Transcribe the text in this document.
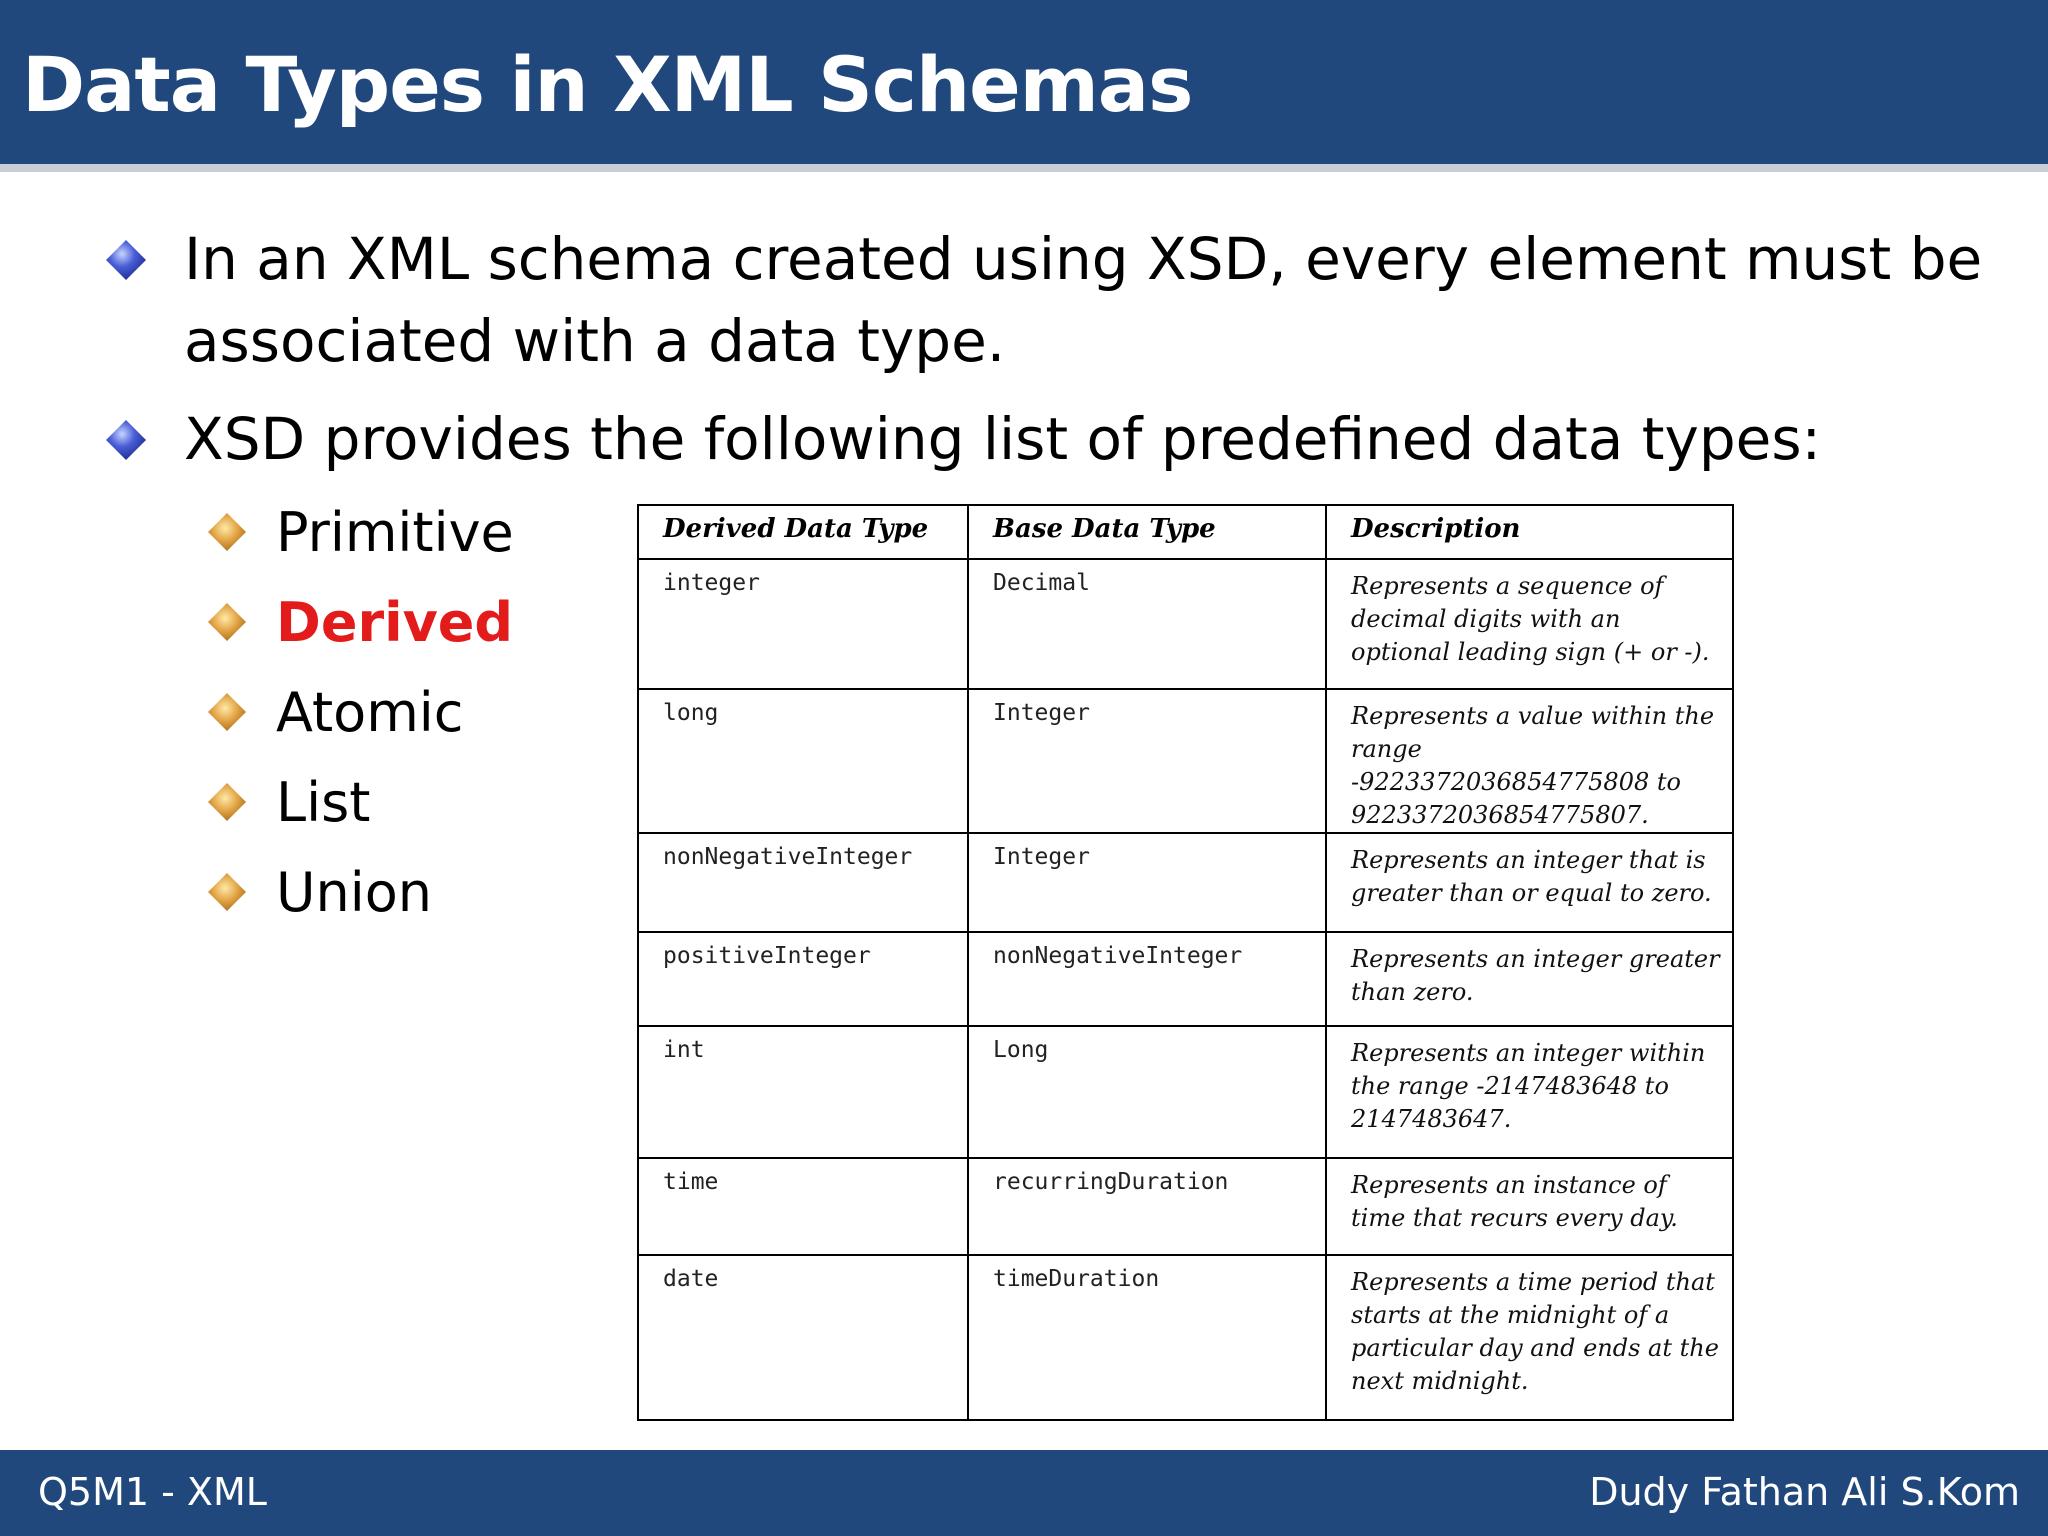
Data Types in XML Schemas
In an XML schema created using XSD, every element must be associated with a data type.
XSD provides the following list of predefined data types:
Primitive
Derived
Atomic
List
Union
Derived Data Type	Base Data Type	Description
integer	Decimal	Represents a sequence of decimal digits with an optional leading sign (+ or -).
long	Integer	Represents a value within the range -9223372036854775808 to 9223372036854775807.
nonNegativeInteger	Integer	Represents an integer that is greater than or equal to zero.
positiveInteger	nonNegativeInteger	Represents an integer greater than zero.
int	Long	Represents an integer within the range -2147483648 to 2147483647.
time	recurringDuration	Represents an instance of time that recurs every day.
date	timeDuration	Represents a time period that starts at the midnight of a particular day and ends at the next midnight.
Q5M1 - XML	Dudy Fathan Ali S.Kom
